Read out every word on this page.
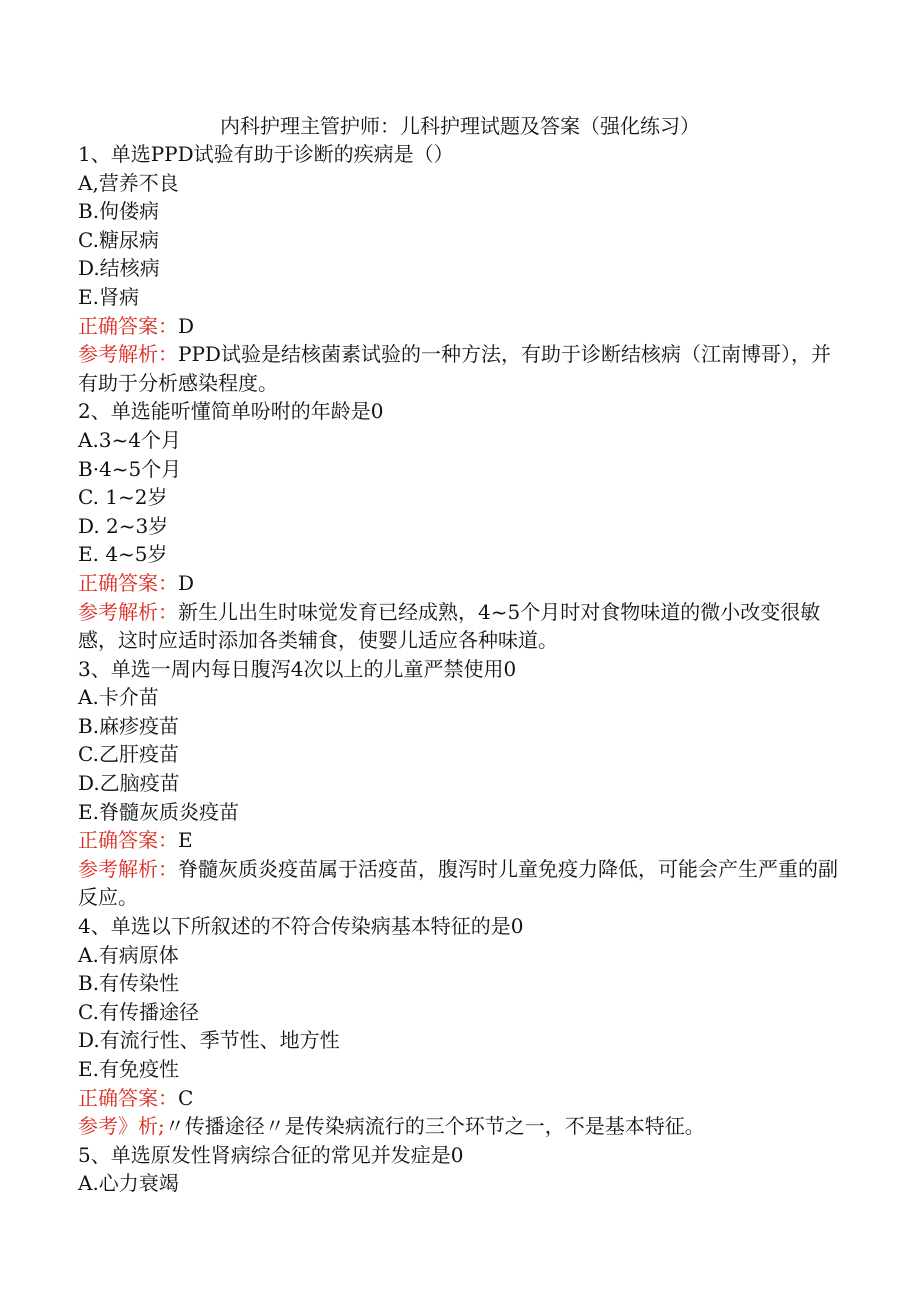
内科护理主管护师：儿科护理试题及答案（强化练习）
1、单选PPD试验有助于诊断的疾病是（）
A,营养不良
B.佝偻病
C.糖尿病
D.结核病
E.肾病
正确答案：D
参考解析：PPD试验是结核菌素试验的一种方法，有助于诊断结核病（江南博哥），并有助于分析感染程度。
2、单选能听懂简单吩咐的年龄是0
A.3~4个月
B·4~5个月
C. 1~2岁
D. 2~3岁
E. 4~5岁
正确答案：D
参考解析：新生儿出生时味觉发育已经成熟，4~5个月时对食物味道的微小改变很敏感，这时应适时添加各类辅食，使婴儿适应各种味道。
3、单选一周内每日腹泻4次以上的儿童严禁使用0
A.卡介苗
B.麻疹疫苗
C.乙肝疫苗
D.乙脑疫苗
E.脊髓灰质炎疫苗
正确答案：E
参考解析：脊髓灰质炎疫苗属于活疫苗，腹泻时儿童免疫力降低，可能会产生严重的副反应。
4、单选以下所叙述的不符合传染病基本特征的是0
A.有病原体
B.有传染性
C.有传播途径
D.有流行性、季节性、地方性
E.有免疫性
正确答案：C
参考》析;〃传播途径〃是传染病流行的三个环节之一，不是基本特征。
5、单选原发性肾病综合征的常见并发症是0
A.心力衰竭
